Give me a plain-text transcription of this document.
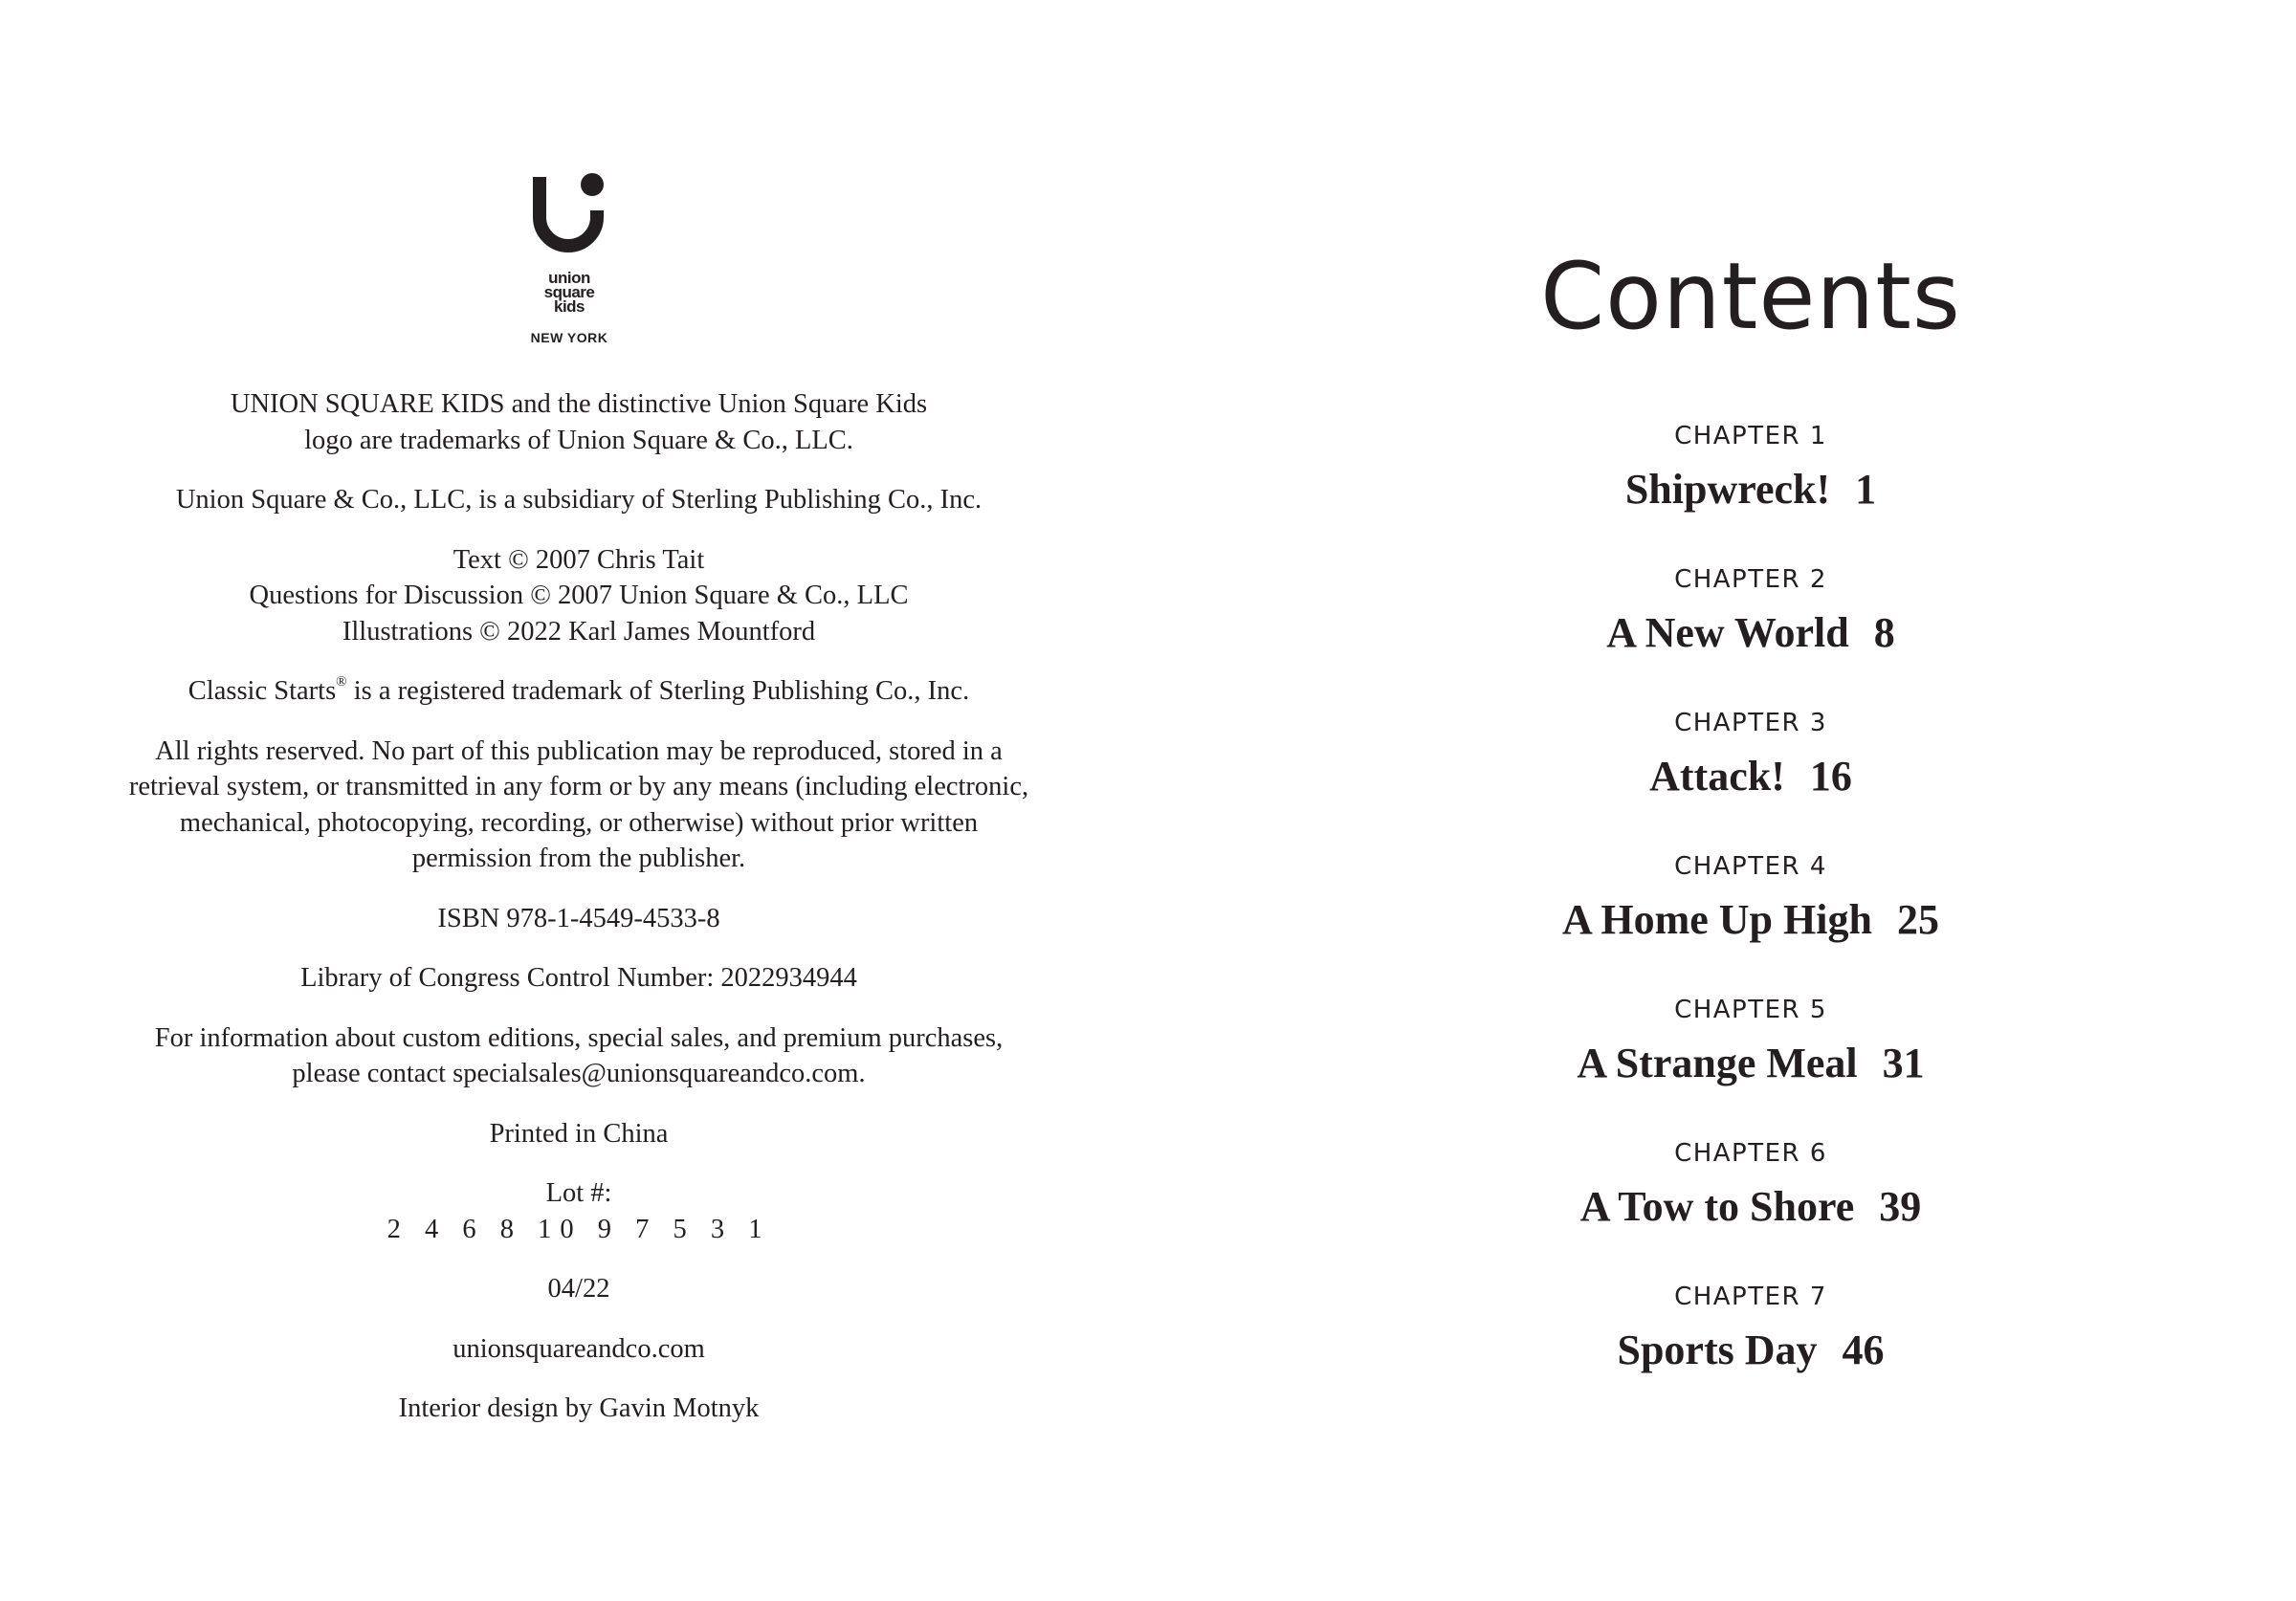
union
square
kids
NEW YORK

UNION SQUARE KIDS and the distinctive Union Square Kids
logo are trademarks of Union Square & Co., LLC.

Union Square & Co., LLC, is a subsidiary of Sterling Publishing Co., Inc.

Text © 2007 Chris Tait
Questions for Discussion © 2007 Union Square & Co., LLC
Illustrations © 2022 Karl James Mountford

Classic Starts® is a registered trademark of Sterling Publishing Co., Inc.

All rights reserved. No part of this publication may be reproduced, stored in a
retrieval system, or transmitted in any form or by any means (including electronic,
mechanical, photocopying, recording, or otherwise) without prior written
permission from the publisher.

ISBN 978-1-4549-4533-8

Library of Congress Control Number: 2022934944

For information about custom editions, special sales, and premium purchases,
please contact specialsales@unionsquareandco.com.

Printed in China

Lot #:
2 4 6 8 10 9 7 5 3 1

04/22

unionsquareandco.com

Interior design by Gavin Motnyk

Contents
CHAPTER 1
Shipwreck! 1
CHAPTER 2
A New World 8
CHAPTER 3
Attack! 16
CHAPTER 4
A Home Up High 25
CHAPTER 5
A Strange Meal 31
CHAPTER 6
A Tow to Shore 39
CHAPTER 7
Sports Day 46
